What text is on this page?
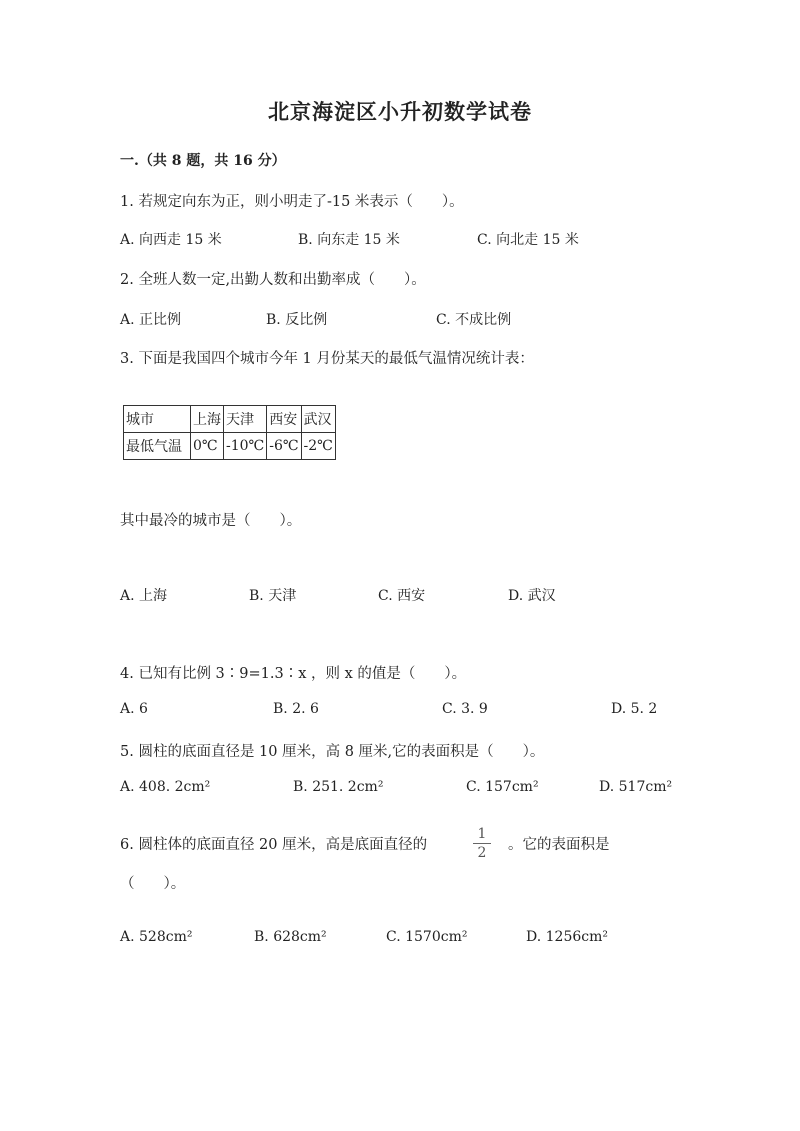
北京海淀区小升初数学试卷
一.（共 8 题，共 16 分）
1. 若规定向东为正，则小明走了-15 米表示（　　）。
A. 向西走 15 米	B. 向东走 15 米	C. 向北走 15 米
2. 全班人数一定,出勤人数和出勤率成（　　）。
A. 正比例	B. 反比例	C. 不成比例
3. 下面是我国四个城市今年 1 月份某天的最低气温情况统计表：
城市	上海	天津	西安	武汉
最低气温	0℃	-10℃	-6℃	-2℃
其中最冷的城市是（　　）。
A. 上海	B. 天津	C. 西安	D. 武汉
4. 已知有比例 3∶9=1.3∶x ，则 x 的值是（　　）。
A. 6	B. 2. 6	C. 3. 9	D. 5. 2
5. 圆柱的底面直径是 10 厘米，高 8 厘米,它的表面积是（　　）。
A. 408. 2cm²	B. 251. 2cm²	C. 157cm²	D. 517cm²
6. 圆柱体的底面直径 20 厘米，高是底面直径的
1
2	。它的表面积是
（　　）。
A. 528cm²	B. 628cm²	C. 1570cm²	D. 1256cm²
